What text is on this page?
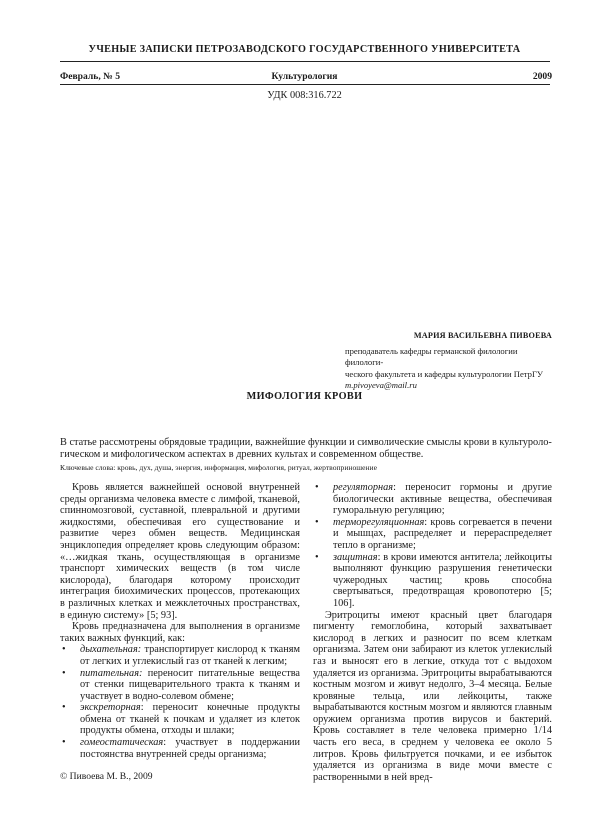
УЧЕНЫЕ ЗАПИСКИ ПЕТРОЗАВОДСКОГО ГОСУДАРСТВЕННОГО УНИВЕРСИТЕТА
Февраль, № 5	Культурология	2009
УДК 008:316.722
МАРИЯ ВАСИЛЬЕВНА ПИВОЕВА
преподаватель кафедры германской филологии филологи-
ческого факультета и кафедры культурологии ПетрГУ
m.pivoyeva@mail.ru
МИФОЛОГИЯ КРОВИ
В статье рассмотрены обрядовые традиции, важнейшие функции и символические смыслы крови в культуроло-гическом и мифологическом аспектах в древних культах и современном обществе.
Ключевые слова: кровь, дух, душа, энергия, информация, мифология, ритуал, жертвоприношение

Кровь является важнейшей основой внутренней среды организма человека вместе с лимфой, тканевой, спинномозговой, суставной, плевральной и другими жидкостями, обеспечивая его существование и развитие через обмен веществ. Медицинская энциклопедия определяет кровь следующим образом: «…жидкая ткань, осуществляющая в организме транспорт химических веществ (в том числе кислорода), благодаря которому происходит интеграция биохимических процессов, протекающих в различных клетках и межклеточных пространствах, в единую систему» [5; 93].

Кровь предназначена для выполнения в организме таких важных функций, как:

• дыхательная: транспортирует кислород к тканям от легких и углекислый газ от тканей к легким;
• питательная: переносит питательные вещества от стенки пищеварительного тракта к тканям и участвует в водно-солевом обмене;
• экскреторная: переносит конечные продукты обмена от тканей к почкам и удаляет из клеток продукты обмена, отходы и шлаки;
• гомеостатическая: участвует в поддержании постоянства внутренней среды организма;
• регуляторная: переносит гормоны и другие биологически активные вещества, обеспечивая гуморальную регуляцию;
• терморегуляционная: кровь согревается в печени и мышцах, распределяет и перераспределяет тепло в организме;
• защитная: в крови имеются антитела; лейкоциты выполняют функцию разрушения генетически чужеродных частиц; кровь способна свертываться, предотвращая кровопотерю [5; 106].

Эритроциты имеют красный цвет благодаря пигменту гемоглобина, который захватывает кислород в легких и разносит по всем клеткам организма. Затем они забирают из клеток углекислый газ и выносят его в легкие, откуда тот с выдохом удаляется из организма. Эритроциты вырабатываются костным мозгом и живут недолго, 3–4 месяца. Белые кровяные тельца, или лейкоциты, также вырабатываются костным мозгом и являются главным оружием организма против вирусов и бактерий. Кровь составляет в теле человека примерно 1/14 часть его веса, в среднем у человека ее около 5 литров. Кровь фильтруется почками, и ее избыток удаляется из организма в виде мочи вместе с растворенными в ней вред-

© Пивоева М. В., 2009
